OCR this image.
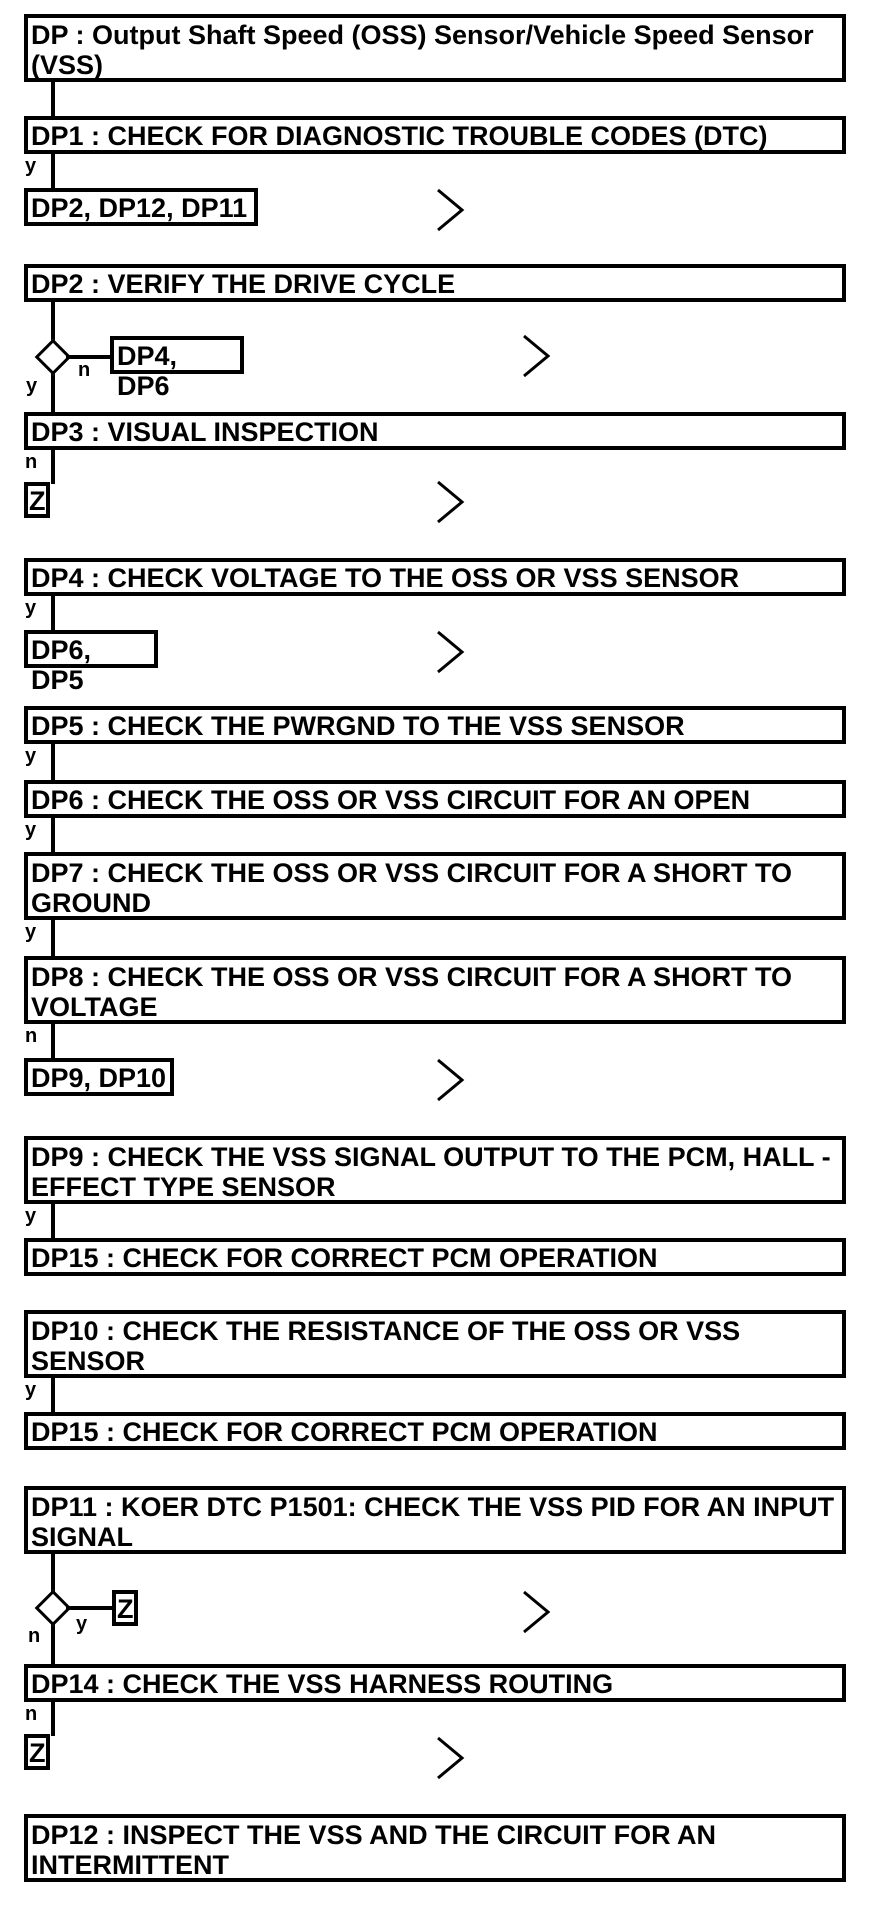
DP : Output Shaft Speed (OSS) Sensor/Vehicle Speed Sensor (VSS)
DP1 : CHECK FOR DIAGNOSTIC TROUBLE CODES (DTC)
y
DP2, DP12, DP11
DP2 : VERIFY THE DRIVE CYCLE
n
y
DP4, DP6
DP3 : VISUAL INSPECTION
n
Z
DP4 : CHECK VOLTAGE TO THE OSS OR VSS SENSOR
y
DP6, DP5
DP5 : CHECK THE PWRGND TO THE VSS SENSOR
y
DP6 : CHECK THE OSS OR VSS CIRCUIT FOR AN OPEN
y
DP7 : CHECK THE OSS OR VSS CIRCUIT FOR A SHORT TO GROUND
y
DP8 : CHECK THE OSS OR VSS CIRCUIT FOR A SHORT TO VOLTAGE
n
DP9, DP10
DP9 : CHECK THE VSS SIGNAL OUTPUT TO THE PCM, HALL -EFFECT TYPE SENSOR
y
DP15 : CHECK FOR CORRECT PCM OPERATION
DP10 : CHECK THE RESISTANCE OF THE OSS OR VSS SENSOR
y
DP15 : CHECK FOR CORRECT PCM OPERATION
DP11 : KOER DTC P1501: CHECK THE VSS PID FOR AN INPUT SIGNAL
y
n
Z
DP14 : CHECK THE VSS HARNESS ROUTING
n
Z
DP12 : INSPECT THE VSS AND THE CIRCUIT FOR AN INTERMITTENT
